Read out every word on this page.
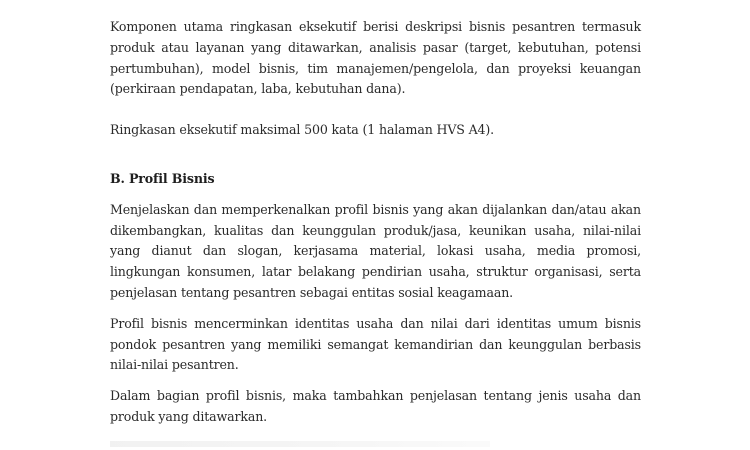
Komponen utama ringkasan eksekutif berisi deskripsi bisnis pesantren termasuk produk atau layanan yang ditawarkan, analisis pasar (target, kebutuhan, potensi pertumbuhan), model bisnis, tim manajemen/pengelola, dan proyeksi keuangan (perkiraan pendapatan, laba, kebutuhan dana).

Ringkasan eksekutif maksimal 500 kata (1 halaman HVS A4).

B. Profil Bisnis

Menjelaskan dan memperkenalkan profil bisnis yang akan dijalankan dan/atau akan dikembangkan, kualitas dan keunggulan produk/jasa, keunikan usaha, nilai-nilai yang dianut dan slogan, kerjasama material, lokasi usaha, media promosi, lingkungan konsumen, latar belakang pendirian usaha, struktur organisasi, serta penjelasan tentang pesantren sebagai entitas sosial keagamaan.

Profil bisnis mencerminkan identitas usaha dan nilai dari identitas umum bisnis pondok pesantren yang memiliki semangat kemandirian dan keunggulan berbasis nilai-nilai pesantren.

Dalam bagian profil bisnis, maka tambahkan penjelasan tentang jenis usaha dan produk yang ditawarkan.
